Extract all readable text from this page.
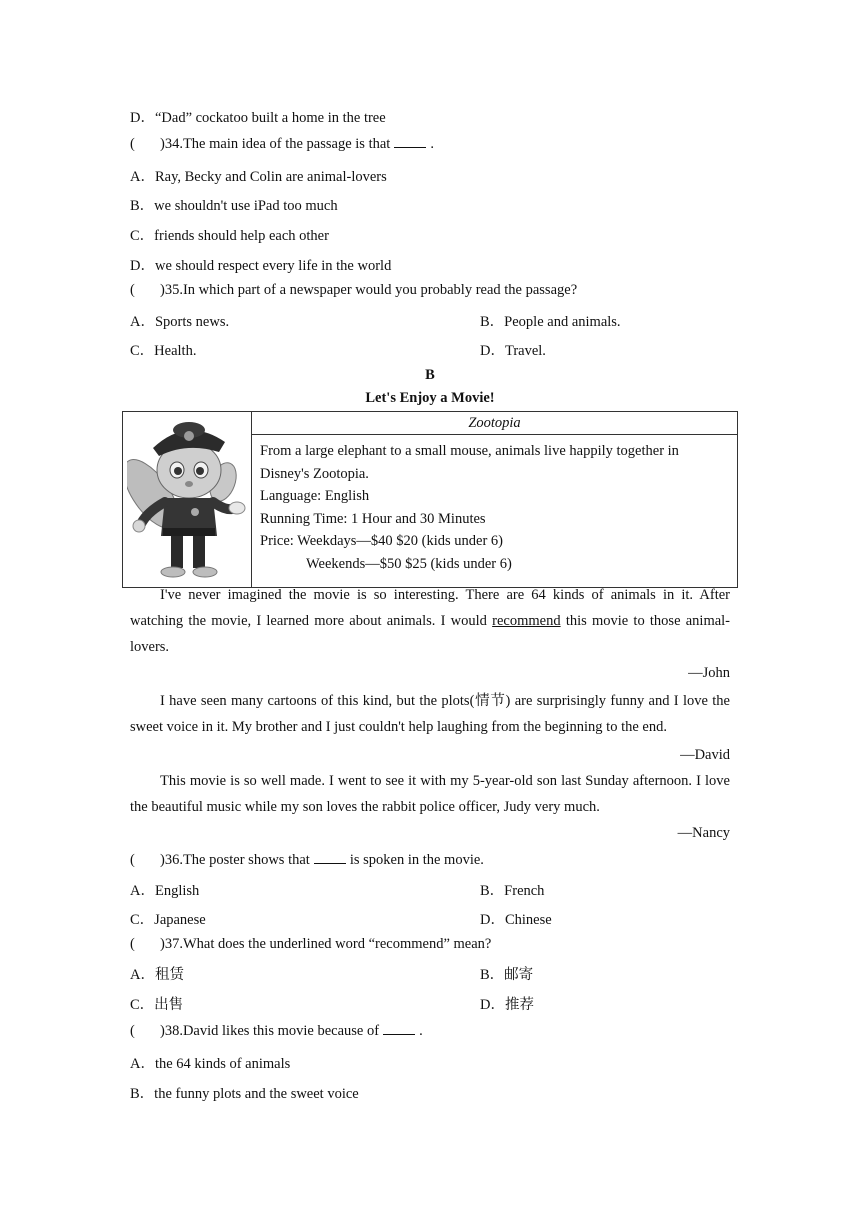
D．“Dad” cockatoo built a home in the tree
( )34.The main idea of the passage is that	.
A．Ray, Becky and Colin are animal-lovers
B．we shouldn't use iPad too much
C．friends should help each other
D．we should respect every life in the world
( )35.In which part of a newspaper would you probably read the passage?
A．Sports news.	B．People and animals.
C．Health.	D．Travel.
B
Let's Enjoy a Movie!
	Zootopia

From a large elephant to a small mouse, animals live happily together in
Disney's Zootopia.
Language: English
Running Time: 1 Hour and 30 Minutes
Price: Weekdays—$40 $20 (kids under 6)
Weekends—$50 $25 (kids under 6)
I've never imagined the movie is so interesting. There are 64 kinds of animals in it. After watching the movie, I learned more about animals. I would recommend this movie to those animal-lovers.
—John
I have seen many cartoons of this kind, but the plots(情节) are surprisingly funny and I love the sweet voice in it. My brother and I just couldn't help laughing from the beginning to the end.
—David
This movie is so well made. I went to see it with my 5-year-old son last Sunday afternoon. I love the beautiful music while my son loves the rabbit police officer, Judy very much.
—Nancy
( )36.The poster shows that	is spoken in the movie.
A．English	B．French
C．Japanese	D．Chinese
( )37.What does the underlined word “recommend” mean?
A．租赁	B．邮寄
C．出售	D．推荐
( )38.David likes this movie because of	.
A．the 64 kinds of animals
B．the funny plots and the sweet voice
